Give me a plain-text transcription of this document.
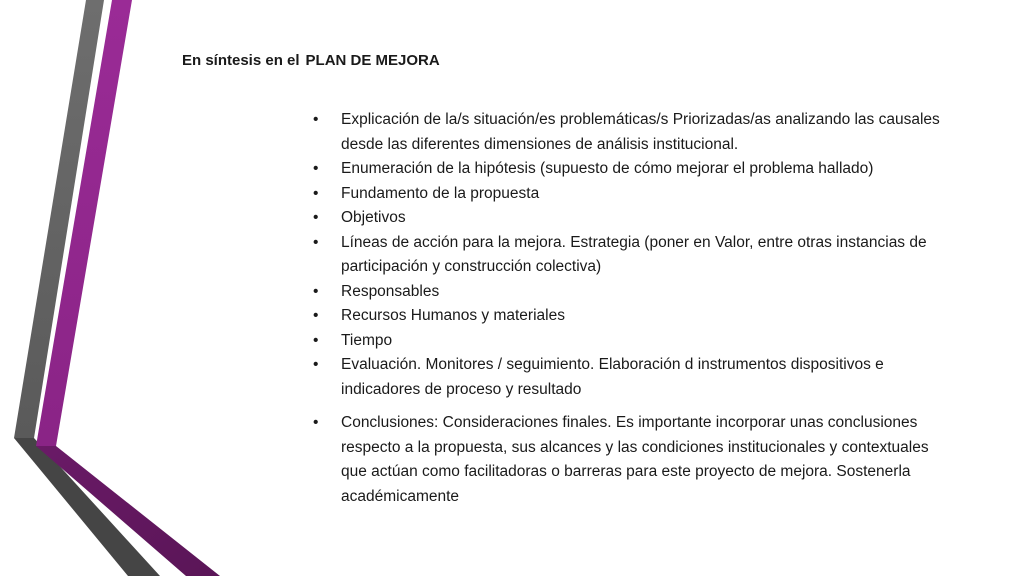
En síntesis en el PLAN DE MEJORA
• Explicación de la/s situación/es problemáticas/s Priorizadas/as analizando las causales desde las diferentes dimensiones de análisis institucional.
• Enumeración de la hipótesis (supuesto de cómo mejorar el problema hallado)
• Fundamento de la propuesta
• Objetivos
• Líneas de acción para la mejora. Estrategia (poner en Valor, entre otras instancias de participación y construcción colectiva)
• Responsables
• Recursos Humanos y materiales
• Tiempo
• Evaluación. Monitores / seguimiento. Elaboración d instrumentos dispositivos e indicadores de proceso y resultado
• Conclusiones: Consideraciones finales. Es importante incorporar unas conclusiones respecto a la propuesta, sus alcances y las condiciones institucionales y contextuales que actúan como facilitadoras o barreras para este proyecto de mejora. Sostenerla académicamente
